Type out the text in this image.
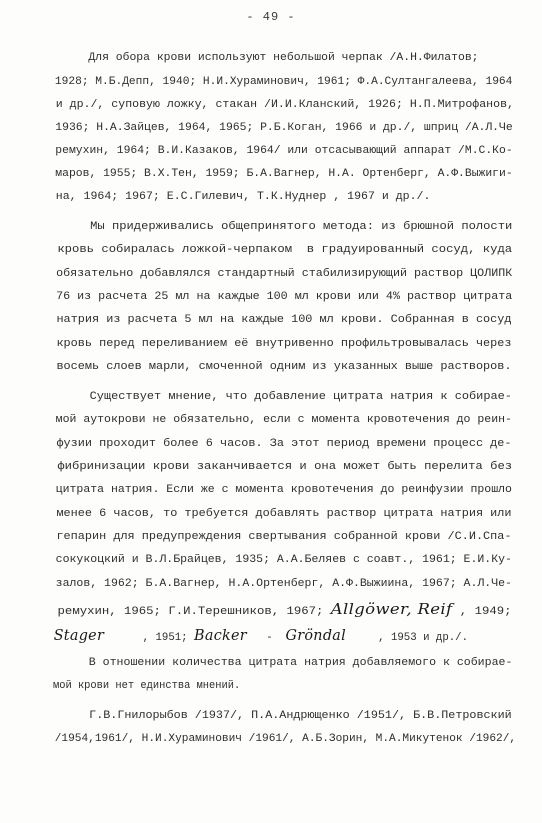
- 49 -

Для обора крови используют небольшой черпак /А.Н.Филатов;

1928; М.Б.Депп, 1940; Н.И.Хураминович, 1961; Ф.А.Султангалеева, 1964

и др./, суповую ложку, стакан /И.И.Кланский, 1926; Н.П.Митрофанов,

1936; Н.А.Зайцев, 1964, 1965; Р.Б.Коган, 1966 и др./, шприц /А.Л.Че

ремухин, 1964; В.И.Казаков, 1964/ или отсасывающий аппарат /М.С.Ко-

маров, 1955; В.Х.Тен, 1959; Б.А.Вагнер, Н.А. Ортенберг, А.Ф.Выжиги-

на, 1964; 1967; Е.С.Гилевич, Т.К.Нуднер , 1967 и др./.

Мы придерживались общепринятого метода: из брюшной полости

кровь собиралась ложкой-черпаком  в градуированный сосуд, куда

обязательно добавлялся стандартный стабилизирующий раствор ЦОЛИПК

76 из расчета 25 мл на каждые 100 мл крови или 4% раствор цитрата

натрия из расчета 5 мл на каждые 100 мл крови. Собранная в сосуд

кровь перед переливанием её внутривенно профильтровывалась через

восемь слоев марли, смоченной одним из указанных выше растворов.

Существует мнение, что добавление цитрата натрия к собирае-

мой аутокрови не обязательно, если с момента кровотечения до реин-

фузии проходит более 6 часов. За этот период времени процесс де-

фибринизации крови заканчивается и она может быть перелита без

цитрата натрия. Если же с момента кровотечения до реинфузии прошло

менее 6 часов, то требуется добавлять раствор цитрата натрия или

гепарин для предупреждения свертывания собранной крови /С.И.Спа-

сокукоцкий и В.Л.Брайцев, 1935; А.А.Беляев с соавт., 1961; Е.И.Ку-

залов, 1962; Б.А.Вагнер, Н.А.Ортенберг, А.Ф.Выжиина, 1967; А.Л.Че-

ремухин, 1965; Г.И.Терешников, 1967; Allgöwer, Reif , 1949;

Stager      , 1951; Backer   -  Gröndal     , 1953 и др./.

В отношении количества цитрата натрия добавляемого к собирае-

мой крови нет единства мнений.

Г.В.Гнилорыбов /1937/, П.А.Андрющенко /1951/, Б.В.Петровский

/1954,1961/, Н.И.Хураминович /1961/, А.Б.Зорин, М.А.Микутенок /1962/,
